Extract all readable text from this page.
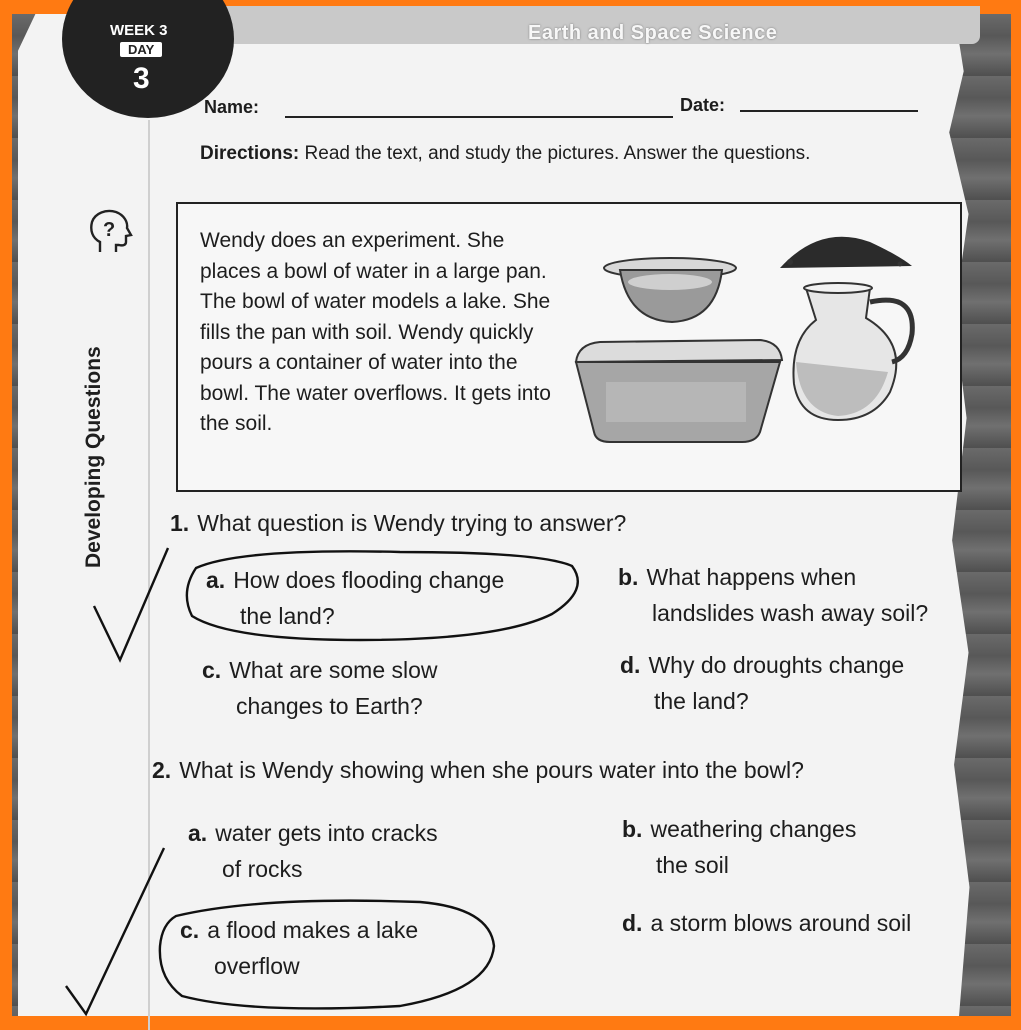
Earth and Space Science
WEEK 3
DAY
3
?
Developing Questions
Name:	Date:
Directions: Read the text, and study the pictures. Answer the questions.
Wendy does an experiment. She places a bowl of water in a large pan. The bowl of water models a lake. She fills the pan with soil. Wendy quickly pours a container of water into the bowl. The water overflows. It gets into the soil.
1. What question is Wendy trying to answer?
a. How does flooding change
the land?
b. What happens when
landslides wash away soil?
c. What are some slow
changes to Earth?
d. Why do droughts change
the land?
2. What is Wendy showing when she pours water into the bowl?
a. water gets into cracks
of rocks
b. weathering changes
the soil
c. a flood makes a lake
overflow
d. a storm blows around soil
